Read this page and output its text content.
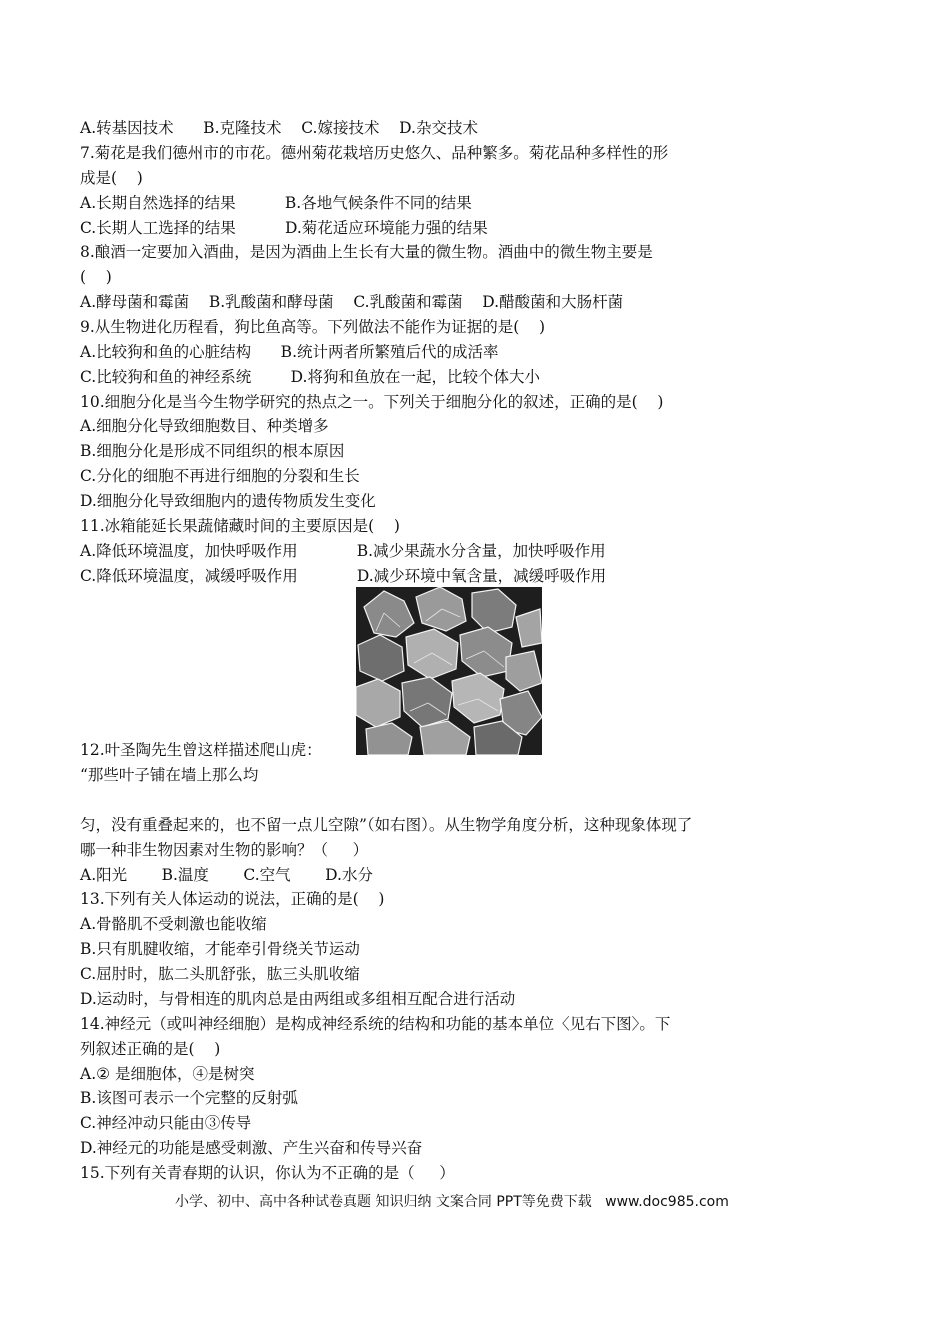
A.转基因技术      B.克隆技术    C.嫁接技术    D.杂交技术
7.菊花是我们德州市的市花。德州菊花栽培历史悠久、品种繁多。菊花品种多样性的形
成是(    )
A.长期自然选择的结果          B.各地气候条件不同的结果
C.长期人工选择的结果          D.菊花适应环境能力强的结果
8.酿酒一定要加入酒曲，是因为酒曲上生长有大量的微生物。酒曲中的微生物主要是
(    )
A.酵母菌和霉菌    B.乳酸菌和酵母菌    C.乳酸菌和霉菌    D.醋酸菌和大肠杆菌
9.从生物进化历程看，狗比鱼高等。下列做法不能作为证据的是(    )
A.比较狗和鱼的心脏结构      B.统计两者所繁殖后代的成活率
C.比较狗和鱼的神经系统        D.将狗和鱼放在一起，比较个体大小
10.细胞分化是当今生物学研究的热点之一。下列关于细胞分化的叙述，正确的是(    )
A.细胞分化导致细胞数目、种类增多
B.细胞分化是形成不同组织的根本原因
C.分化的细胞不再进行细胞的分裂和生长
D.细胞分化导致细胞内的遗传物质发生变化
11.冰箱能延长果蔬储藏时间的主要原因是(    )
A.降低环境温度，加快呼吸作用            B.减少果蔬水分含量，加快呼吸作用
C.降低环境温度，减缓呼吸作用            D.减少环境中氧含量，减缓呼吸作用
12.叶圣陶先生曾这样描述爬山虎：
“那些叶子铺在墙上那么均
匀，没有重叠起来的，也不留一点儿空隙”（如右图）。从生物学角度分析，这种现象体现了
哪一种非生物因素对生物的影响？（     ）
A.阳光       B.温度       C.空气       D.水分
13.下列有关人体运动的说法，正确的是(    )
A.骨骼肌不受刺激也能收缩
B.只有肌腱收缩，才能牵引骨绕关节运动
C.屈肘时，肱二头肌舒张，肱三头肌收缩
D.运动时，与骨相连的肌肉总是由两组或多组相互配合进行活动
14.神经元（或叫神经细胞）是构成神经系统的结构和功能的基本单位〈见右下图〉。下
列叙述正确的是(    )
A.② 是细胞体，④是树突
B.该图可表示一个完整的反射弧
C.神经冲动只能由③传导
D.神经元的功能是感受刺激、产生兴奋和传导兴奋
15.下列有关青春期的认识，你认为不正确的是（     ）
小学、初中、高中各种试卷真题 知识归纳 文案合同 PPT等免费下载   www.doc985.com
